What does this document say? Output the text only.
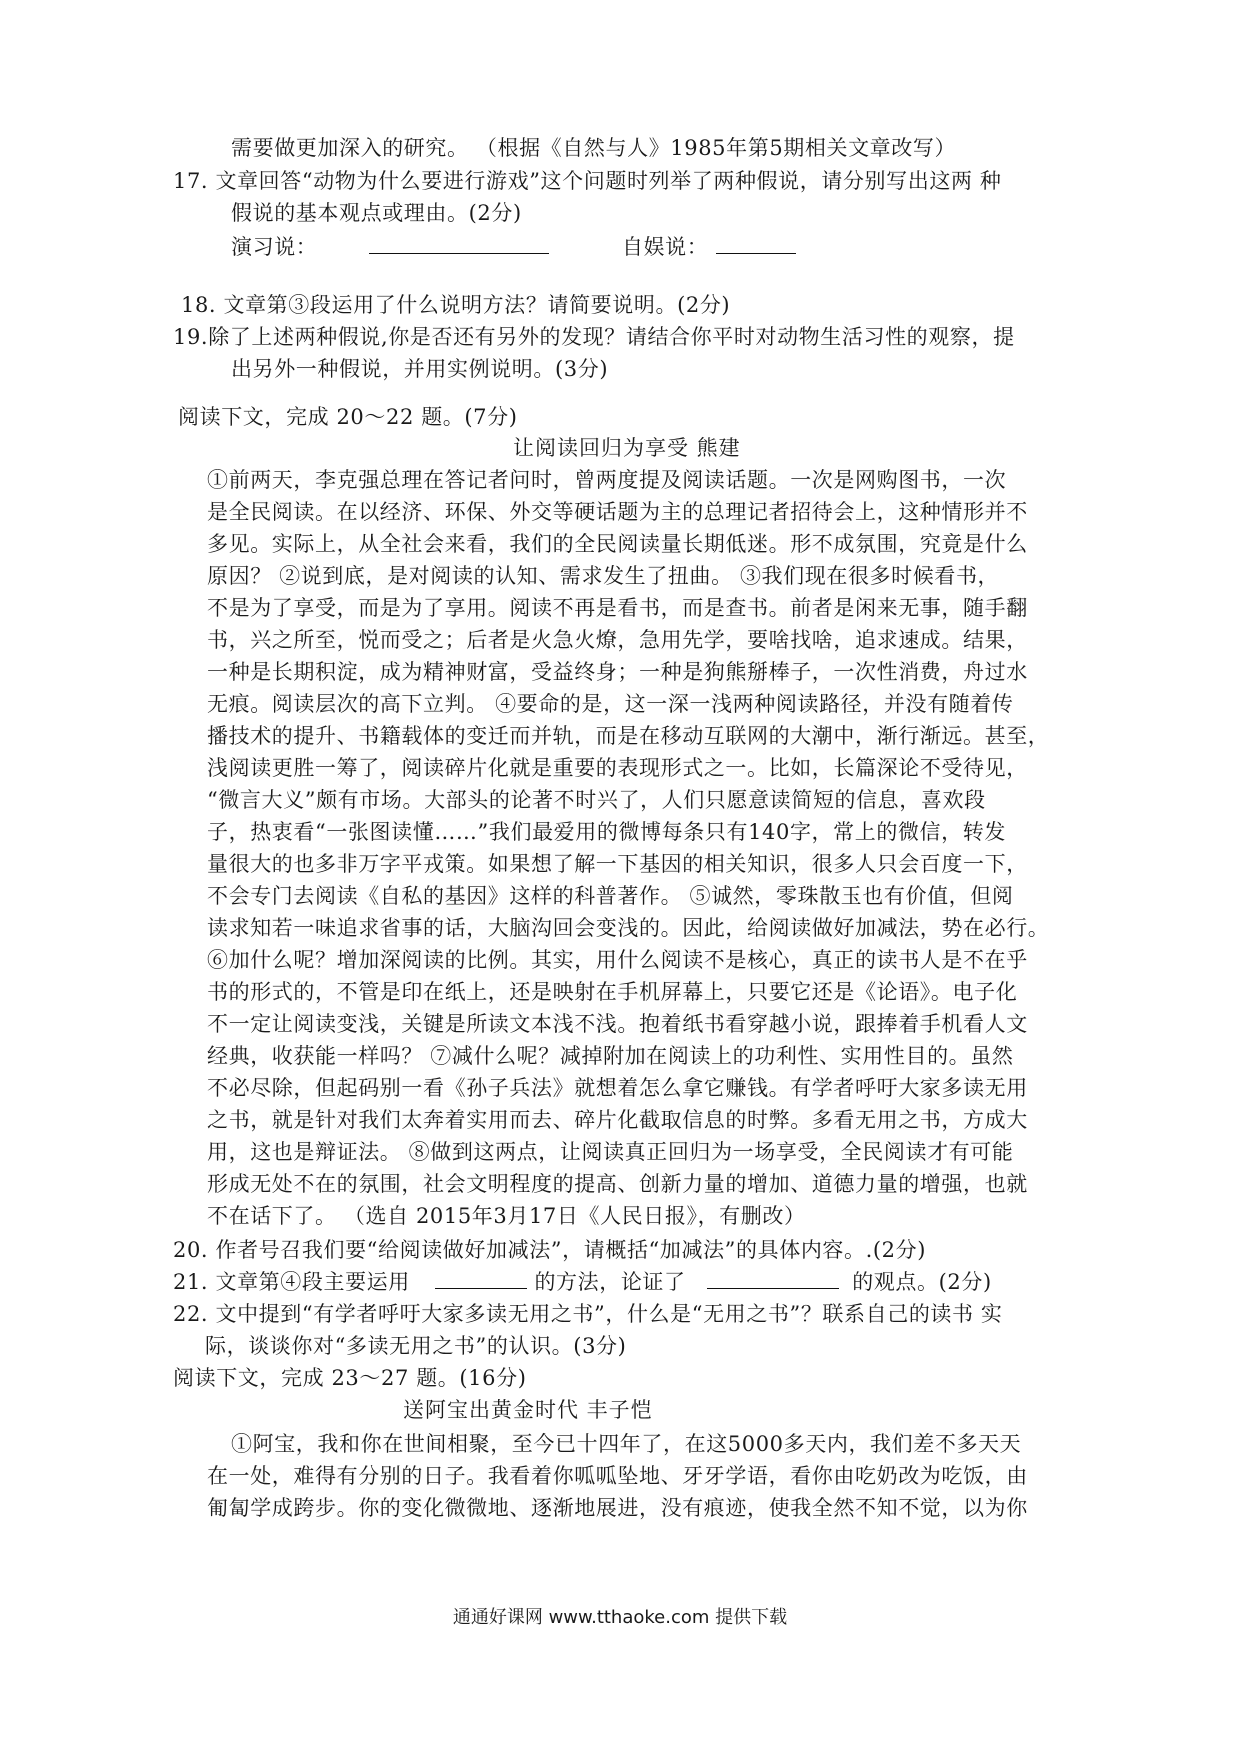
需要做更加深入的研究。 （根据《自然与人》1985年第5期相关文章改写）
17. 文章回答“动物为什么要进行游戏”这个问题时列举了两种假说，请分别写出这两 种
假说的基本观点或理由。(2分)
演习说：	自娱说：
18. 文章第③段运用了什么说明方法？请简要说明。(2分)
19.除了上述两种假说,你是否还有另外的发现？请结合你平时对动物生活习性的观察，提
出另外一种假说，并用实例说明。(3分)
阅读下文，完成 20～22 题。(7分)
让阅读回归为享受 熊建
①前两天，李克强总理在答记者问时，曾两度提及阅读话题。一次是网购图书，一次
是全民阅读。在以经济、环保、外交等硬话题为主的总理记者招待会上，这种情形并不
多见。实际上，从全社会来看，我们的全民阅读量长期低迷。形不成氛围，究竟是什么
原因？ ②说到底，是对阅读的认知、需求发生了扭曲。 ③我们现在很多时候看书，
不是为了享受，而是为了享用。阅读不再是看书，而是查书。前者是闲来无事，随手翻
书，兴之所至，悦而受之；后者是火急火燎，急用先学，要啥找啥，追求速成。结果，
一种是长期积淀，成为精神财富，受益终身；一种是狗熊掰棒子，一次性消费，舟过水
无痕。阅读层次的高下立判。 ④要命的是，这一深一浅两种阅读路径，并没有随着传
播技术的提升、书籍载体的变迁而并轨，而是在移动互联网的大潮中，渐行渐远。甚至，
浅阅读更胜一筹了，阅读碎片化就是重要的表现形式之一。比如，长篇深论不受待见，
“微言大义”颇有市场。大部头的论著不时兴了，人们只愿意读简短的信息，喜欢段
子，热衷看“一张图读懂……”我们最爱用的微博每条只有140字，常上的微信，转发
量很大的也多非万字平戎策。如果想了解一下基因的相关知识，很多人只会百度一下，
不会专门去阅读《自私的基因》这样的科普著作。 ⑤诚然，零珠散玉也有价值，但阅
读求知若一味追求省事的话，大脑沟回会变浅的。因此，给阅读做好加减法，势在必行。
⑥加什么呢？增加深阅读的比例。其实，用什么阅读不是核心，真正的读书人是不在乎
书的形式的，不管是印在纸上，还是映射在手机屏幕上，只要它还是《论语》。电子化
不一定让阅读变浅，关键是所读文本浅不浅。抱着纸书看穿越小说，跟捧着手机看人文
经典，收获能一样吗？ ⑦减什么呢？减掉附加在阅读上的功利性、实用性目的。虽然
不必尽除，但起码别一看《孙子兵法》就想着怎么拿它赚钱。有学者呼吁大家多读无用
之书，就是针对我们太奔着实用而去、碎片化截取信息的时弊。多看无用之书，方成大
用，这也是辩证法。 ⑧做到这两点，让阅读真正回归为一场享受，全民阅读才有可能
形成无处不在的氛围，社会文明程度的提高、创新力量的增加、道德力量的增强，也就
不在话下了。 （选自 2015年3月17日《人民日报》，有删改）
20. 作者号召我们要“给阅读做好加减法”，请概括“加减法”的具体内容。.(2分)
21. 文章第④段主要运用	的方法，论证了	的观点。(2分)
22. 文中提到“有学者呼吁大家多读无用之书”，什么是“无用之书”？联系自己的读书 实
际，谈谈你对“多读无用之书”的认识。(3分)
阅读下文，完成 23～27 题。(16分)
送阿宝出黄金时代 丰子恺
①阿宝，我和你在世间相聚，至今已十四年了，在这5000多天内，我们差不多天天
在一处，难得有分别的日子。我看着你呱呱坠地、牙牙学语，看你由吃奶改为吃饭，由
匍匐学成跨步。你的变化微微地、逐渐地展进，没有痕迹，使我全然不知不觉，以为你
通通好课网 www.tthaoke.com 提供下载
